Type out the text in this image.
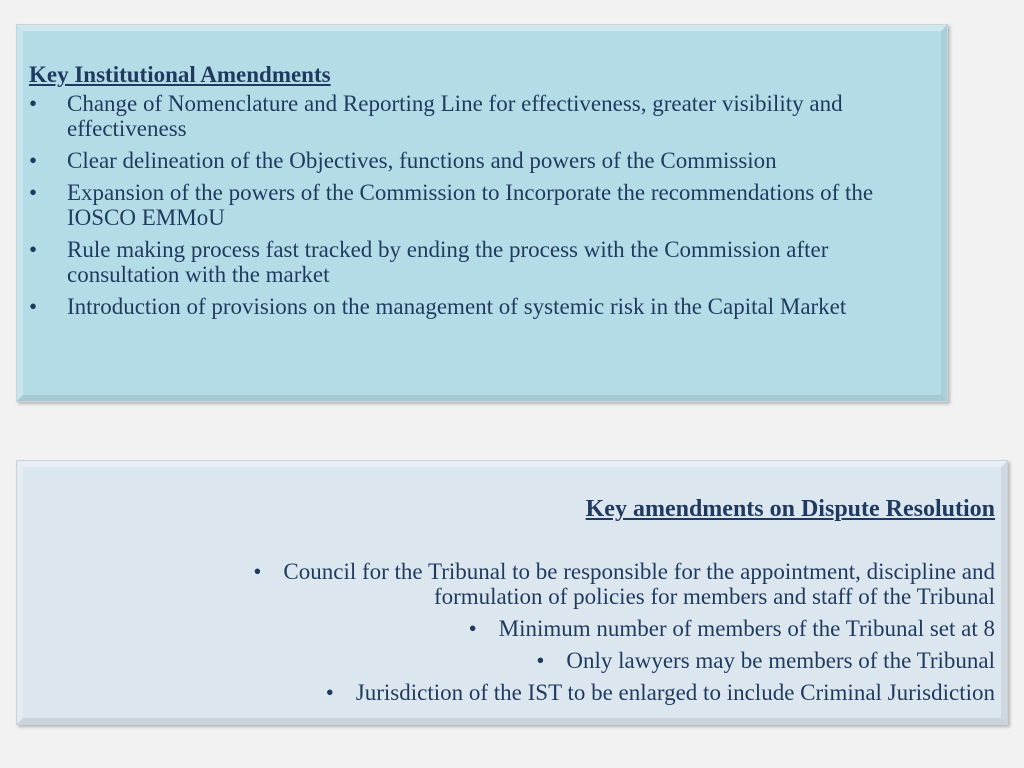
Key Institutional Amendments

•	Change of Nomenclature and Reporting Line for effectiveness, greater visibility and effectiveness
•	Clear delineation of the Objectives, functions and powers of the Commission
•	Expansion of the powers of the Commission to Incorporate the recommendations of the  IOSCO EMMoU
•	Rule making process fast tracked by ending the process with the Commission after consultation with the market
•	Introduction of provisions on the management of systemic risk in the Capital Market

Key amendments on Dispute Resolution

• Council for the Tribunal to be responsible for the appointment, discipline and
formulation of policies for members and staff of the Tribunal
• Minimum number of members of the Tribunal set at 8
• Only lawyers may be members of the Tribunal
• Jurisdiction of the IST to be enlarged to include Criminal Jurisdiction
